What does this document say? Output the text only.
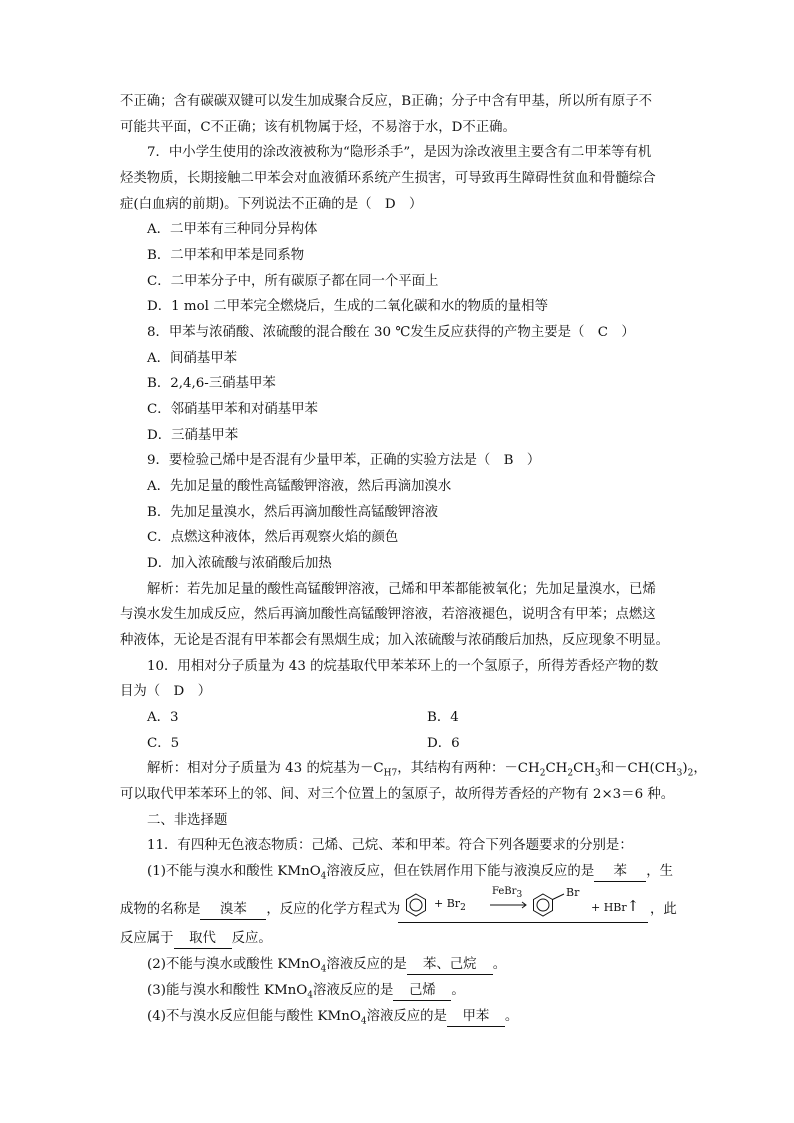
不正确；含有碳碳双键可以发生加成聚合反应，B正确；分子中含有甲基，所以所有原子不
可能共平面，C不正确；该有机物属于烃，不易溶于水，D不正确。
7．中小学生使用的涂改液被称为“隐形杀手”，是因为涂改液里主要含有二甲苯等有机
烃类物质，长期接触二甲苯会对血液循环系统产生损害，可导致再生障碍性贫血和骨髓综合
症(白血病的前期)。下列说法不正确的是（　D　）
A．二甲苯有三种同分异构体
B．二甲苯和甲苯是同系物
C．二甲苯分子中，所有碳原子都在同一个平面上
D．1 mol 二甲苯完全燃烧后，生成的二氧化碳和水的物质的量相等
8．甲苯与浓硝酸、浓硫酸的混合酸在 30 ℃发生反应获得的产物主要是（　C　）
A．间硝基甲苯
B．2,4,6-三硝基甲苯
C．邻硝基甲苯和对硝基甲苯
D．三硝基甲苯
9．要检验己烯中是否混有少量甲苯，正确的实验方法是（　B　）
A．先加足量的酸性高锰酸钾溶液，然后再滴加溴水
B．先加足量溴水，然后再滴加酸性高锰酸钾溶液
C．点燃这种液体，然后再观察火焰的颜色
D．加入浓硫酸与浓硝酸后加热
解析：若先加足量的酸性高锰酸钾溶液，己烯和甲苯都能被氧化；先加足量溴水，已烯
与溴水发生加成反应，然后再滴加酸性高锰酸钾溶液，若溶液褪色，说明含有甲苯；点燃这
种液体，无论是否混有甲苯都会有黑烟生成；加入浓硫酸与浓硝酸后加热，反应现象不明显。
10．用相对分子质量为 43 的烷基取代甲苯苯环上的一个氢原子，所得芳香烃产物的数
目为（　D　）
A．3	B．4
C．5	D．6
解析：相对分子质量为 43 的烷基为$-C_{H7}$，其结构有两种：$-CH_2CH_2CH_3$和$-CH(CH_3)_2$，
可以取代甲苯苯环上的邻、间、对三个位置上的氢原子，故所得芳香烃的产物有 2×3＝6 种。
二、非选择题
11．有四种无色液态物质：己烯、己烷、苯和甲苯。符合下列各题要求的分别是：
(1)不能与溴水和酸性 KMnO$_4$溶液反应，但在铁屑作用下能与液溴反应的是 苯 ，生
成物的名称是 溴苯 ，反应的化学方程式为	+ $Br_2$
FeBr$_3$	Br
+ HBr↑ ，此
反应属于 取代 反应。
(2)不能与溴水或酸性 KMnO$_4$溶液反应的是 苯、己烷 。
(3)能与溴水和酸性 KMnO$_4$溶液反应的是 己烯 。
(4)不与溴水反应但能与酸性 KMnO$_4$溶液反应的是 甲苯 。
